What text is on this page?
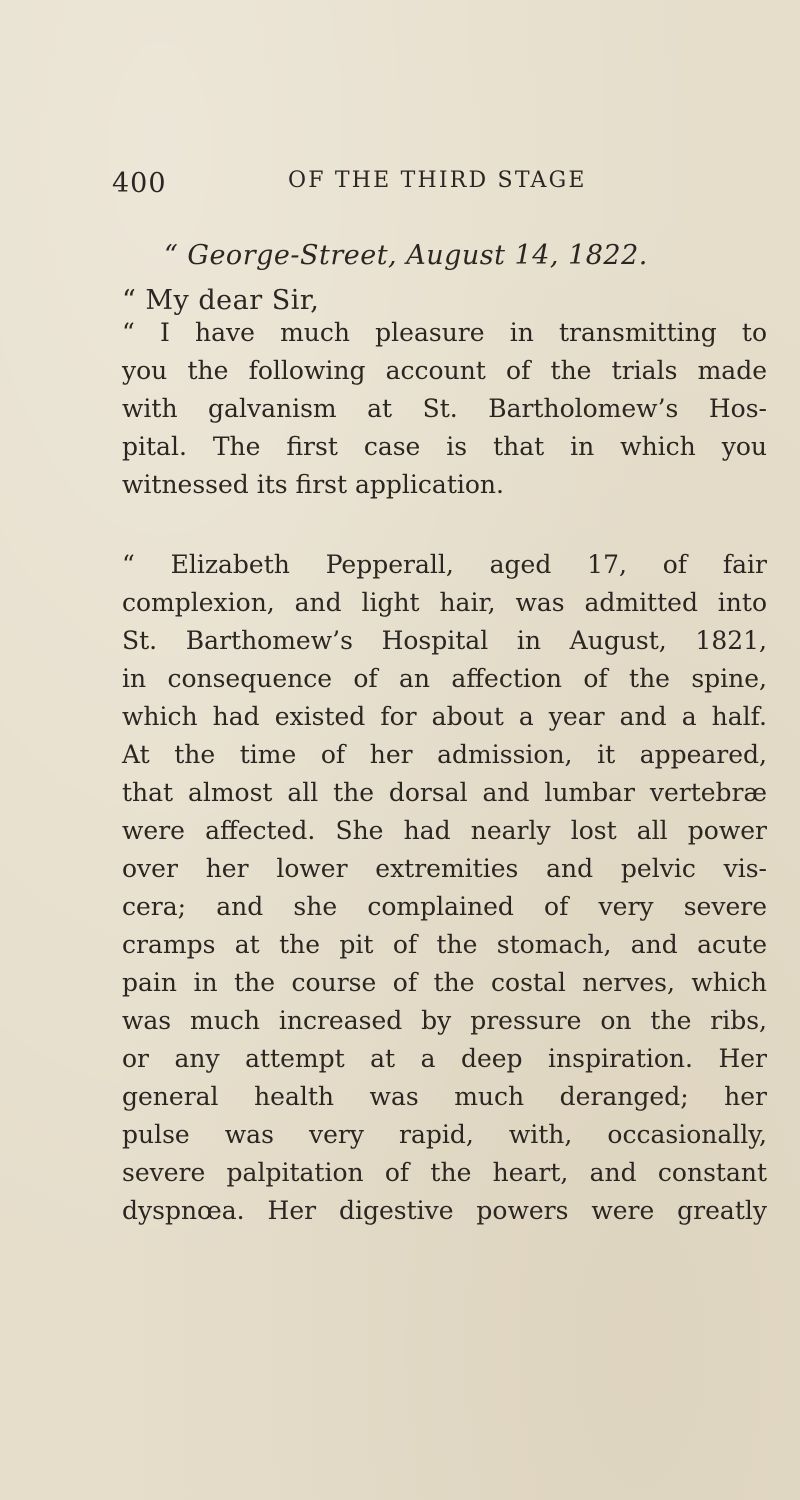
400	OF THE THIRD STAGE
“ George-Street, August 14, 1822.
“ My dear Sir,
“ I have much pleasure in transmitting to
you the following account of the trials made
with galvanism at St. Bartholomew’s Hos-
pital. The first case is that in which you
witnessed its first application.
“ Elizabeth Pepperall, aged 17, of fair
complexion, and light hair, was admitted into
St. Barthomew’s Hospital in August, 1821,
in consequence of an affection of the spine,
which had existed for about a year and a half.
At the time of her admission, it appeared,
that almost all the dorsal and lumbar vertebræ
were affected. She had nearly lost all power
over her lower extremities and pelvic vis-
cera; and she complained of very severe
cramps at the pit of the stomach, and acute
pain in the course of the costal nerves, which
was much increased by pressure on the ribs,
or any attempt at a deep inspiration. Her
general health was much deranged; her
pulse was very rapid, with, occasionally,
severe palpitation of the heart, and constant
dyspnœa. Her digestive powers were greatly
